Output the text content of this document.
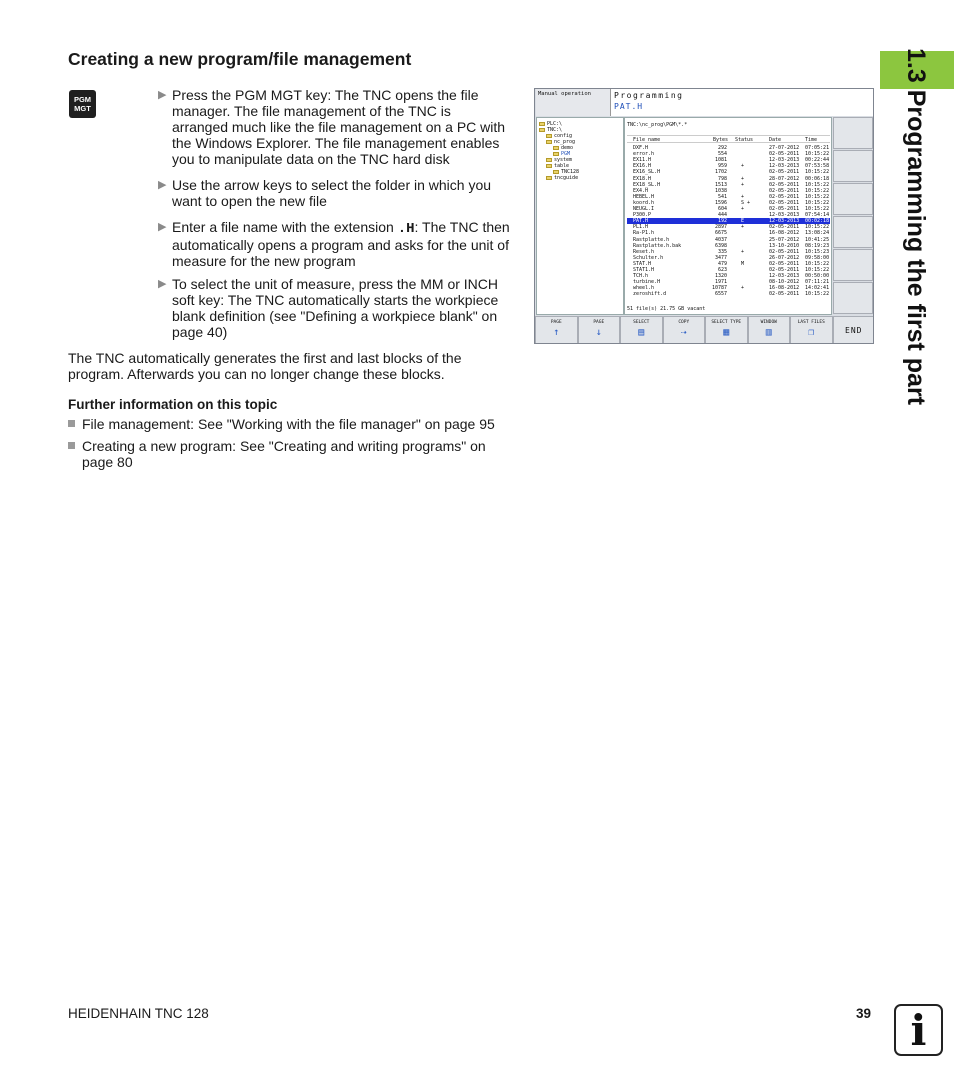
1.3 Programming the first part
Creating a new program/file management
PGM
MGT
▶ Press the PGM MGT key: The TNC opens the file manager. The file management of the TNC is arranged much like the file management on a PC with the Windows Explorer. The file management enables you to manipulate data on the TNC hard disk
▶ Use the arrow keys to select the folder in which you want to open the new file
▶ Enter a file name with the extension .H: The TNC then automatically opens a program and asks for the unit of measure for the new program
▶ To select the unit of measure, press the MM or INCH soft key: The TNC automatically starts the workpiece blank definition (see "Defining a workpiece blank" on page 40)
The TNC automatically generates the first and last blocks of the program. Afterwards you can no longer change these blocks.
Further information on this topic
File management: See "Working with the file manager" on page 95
Creating a new program: See "Creating and writing programs" on page 80
Manual operation	Programming
PAT.H
PLC:\
TNC:\
config
nc_prog
demo
PGM
system
table
TNC128
tncguide
TNC:\nc_prog\PGM\*.*
File name	Bytes Status	Date	Time
DXF.H	292	27-07-2012 07:05:21
error.h	554	02-05-2011 10:15:22
EX11.H	1081	12-03-2013 00:22:44
EX16.H	959	+	12-03-2013 07:53:58
EX16_SL.H	1702	02-05-2011 10:15:22
EX18.H	798	+	28-07-2012 00:06:18
EX18_SL.H	1513	+	02-05-2011 10:15:22
EX4.H	1038	02-05-2011 10:15:22
HEBEL.H	541	+	02-05-2011 10:15:22
koord.h	1596	S +	02-05-2011 10:15:22
NEUGL.I	604	+	02-05-2011 10:15:22
P300.P	444	12-03-2013 07:54:14
PAT.H	192	E	12-03-2013 00:02:18
PL1.H	2897	+	02-05-2011 10:15:22
Ra-P1.h	6675	16-08-2012 13:08:24
Rastplatte.h	4037	25-07-2012 10:41:25
Rastplatte.h.bak	6398	13-10-2010 08:19:23
Reset.h	335	+	02-05-2011 10:15:23
Schulter.h	3477	26-07-2012 09:58:00
STAT.H	479	M	02-05-2011 10:15:22
STAT1.H	623	02-05-2011 10:15:22
TCH.h	1320	12-03-2013 00:50:00
turbine.H	1971	08-10-2012 07:11:21
wheel.h	10787	+	16-08-2012 14:02:41
zeroshift.d	6557	02-05-2011 10:15:22
51 file(s) 21.75 GB vacant
PAGE
↑
PAGE
↓
SELECT
▤
COPY
⇢
SELECT TYPE
▦
WINDOW
▥
LAST FILES
❐	END
HEIDENHAIN TNC 128	39 i
